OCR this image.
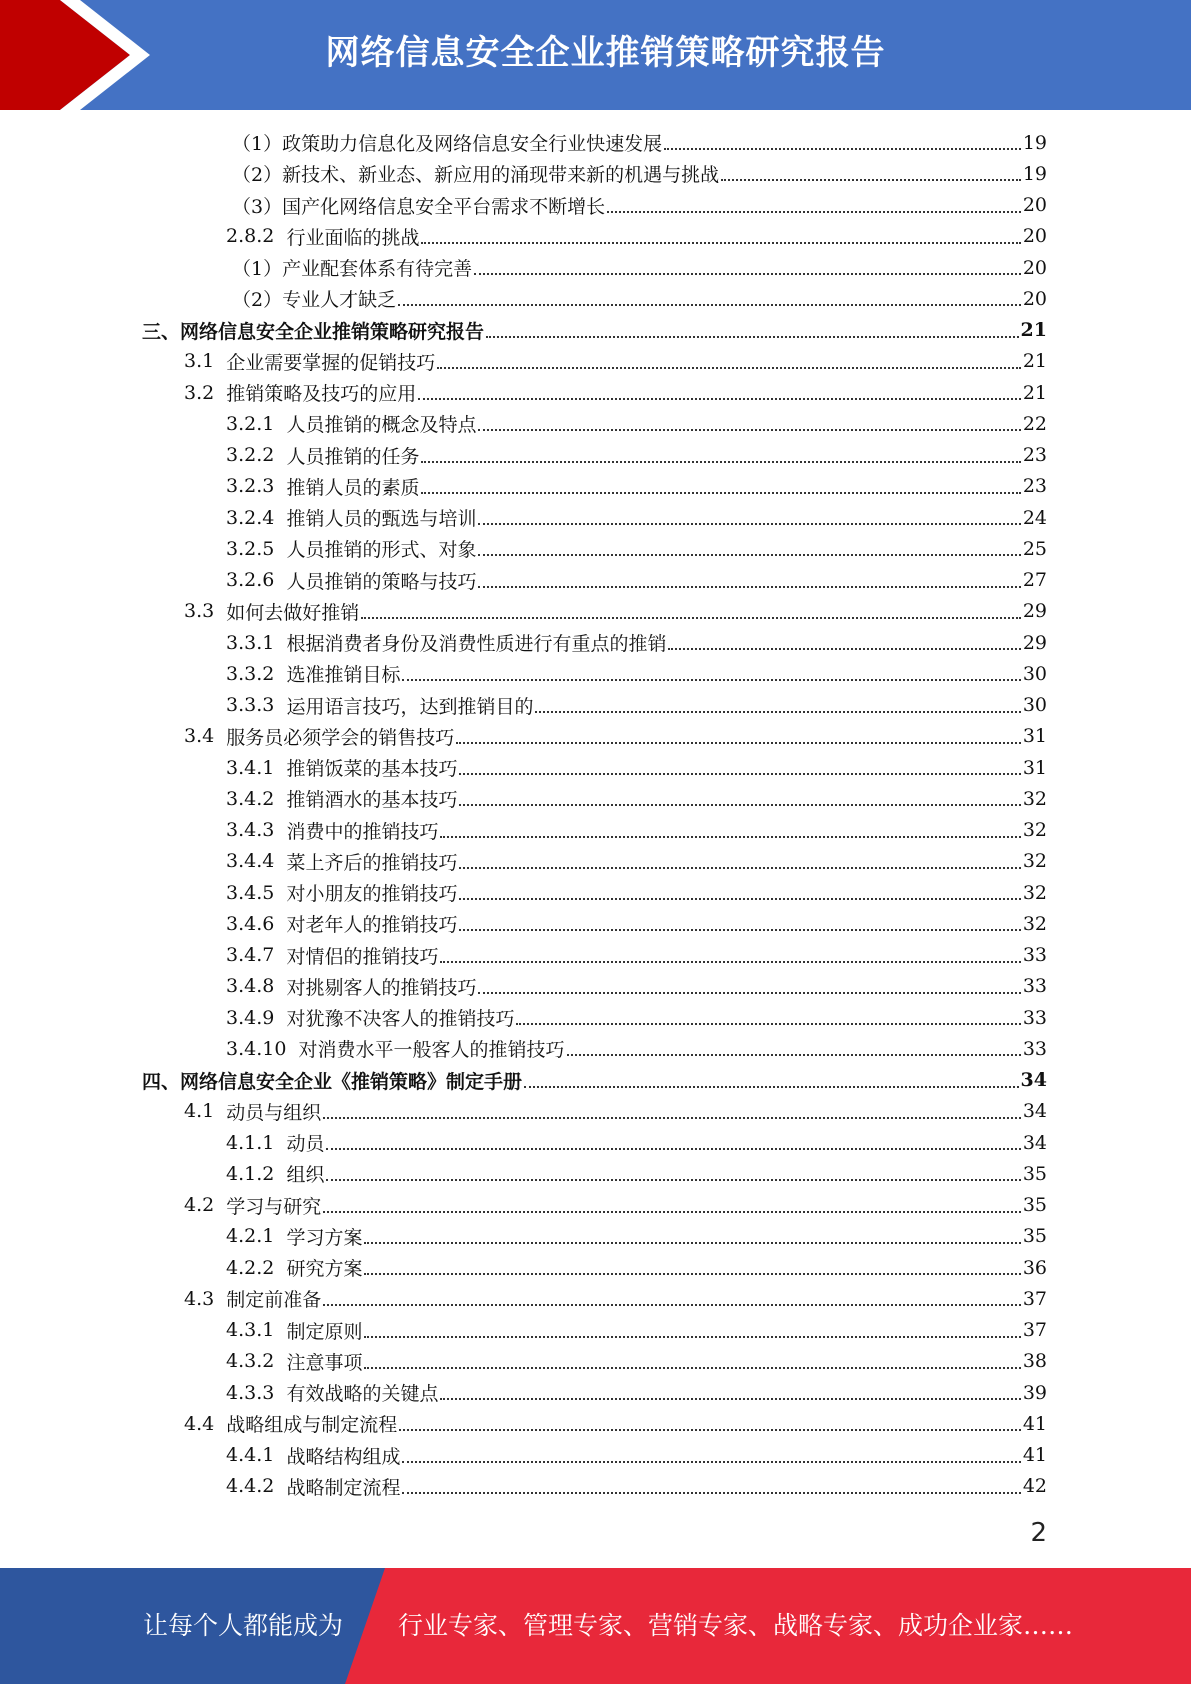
网络信息安全企业推销策略研究报告
（1）政策助力信息化及网络信息安全行业快速发展	19
（2）新技术、新业态、新应用的涌现带来新的机遇与挑战	19
（3）国产化网络信息安全平台需求不断增长	20
2.8.2 行业面临的挑战	20
（1）产业配套体系有待完善	20
（2）专业人才缺乏	20
三、网络信息安全企业推销策略研究报告	21
3.1 企业需要掌握的促销技巧	21
3.2 推销策略及技巧的应用	21
3.2.1 人员推销的概念及特点	22
3.2.2 人员推销的任务	23
3.2.3 推销人员的素质	23
3.2.4 推销人员的甄选与培训	24
3.2.5 人员推销的形式、对象	25
3.2.6 人员推销的策略与技巧	27
3.3 如何去做好推销	29
3.3.1 根据消费者身份及消费性质进行有重点的推销	29
3.3.2 选准推销目标	30
3.3.3 运用语言技巧，达到推销目的	30
3.4 服务员必须学会的销售技巧	31
3.4.1 推销饭菜的基本技巧	31
3.4.2 推销酒水的基本技巧	32
3.4.3 消费中的推销技巧	32
3.4.4 菜上齐后的推销技巧	32
3.4.5 对小朋友的推销技巧	32
3.4.6 对老年人的推销技巧	32
3.4.7 对情侣的推销技巧	33
3.4.8 对挑剔客人的推销技巧	33
3.4.9 对犹豫不决客人的推销技巧	33
3.4.10 对消费水平一般客人的推销技巧	33
四、网络信息安全企业《推销策略》制定手册	34
4.1 动员与组织	34
4.1.1 动员	34
4.1.2 组织	35
4.2 学习与研究	35
4.2.1 学习方案	35
4.2.2 研究方案	36
4.3 制定前准备	37
4.3.1 制定原则	37
4.3.2 注意事项	38
4.3.3 有效战略的关键点	39
4.4 战略组成与制定流程	41
4.4.1 战略结构组成	41
4.4.2 战略制定流程	42
2
让每个人都能成为 行业专家、管理专家、营销专家、战略专家、成功企业家……
